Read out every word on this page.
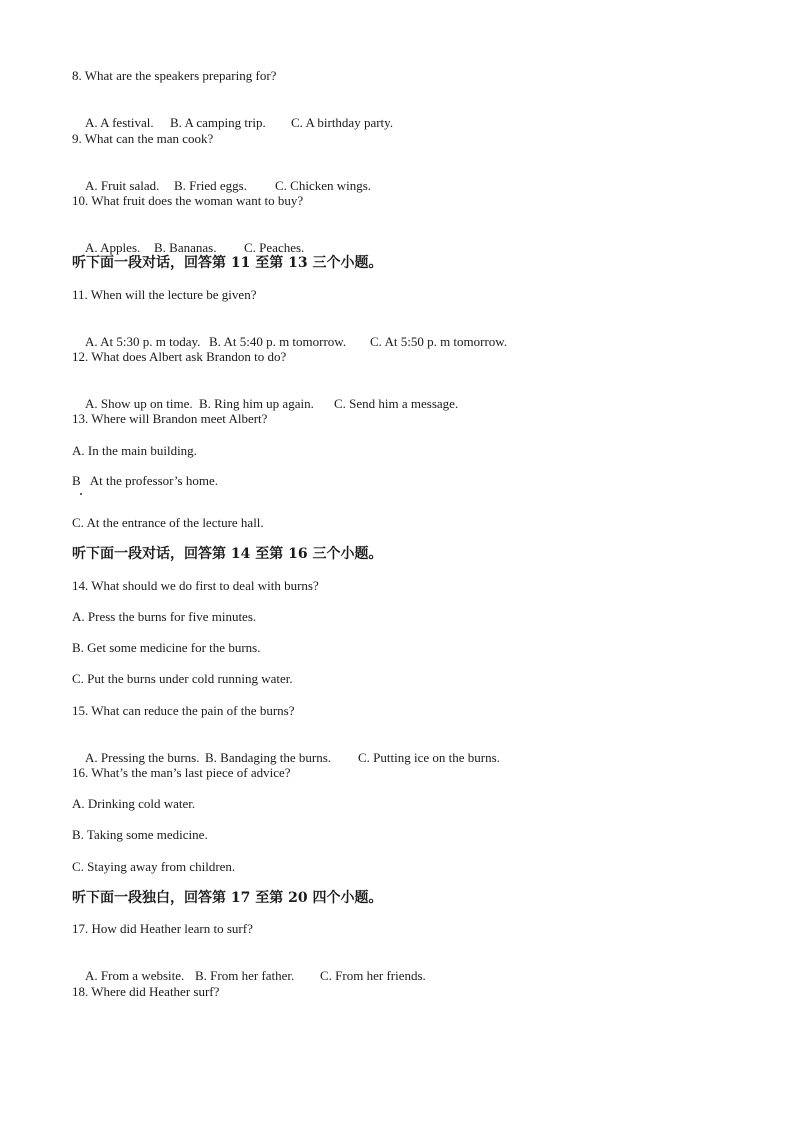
8. What are the speakers preparing for?

A. A festival. B. A camping trip. C. A birthday party.

9. What can the man cook?

A. Fruit salad. B. Fried eggs. C. Chicken wings.

10. What fruit does the woman want to buy?

A. Apples. B. Bananas. C. Peaches.

听下面一段对话，回答第 11 至第 13 三个小题。

11. When will the lecture be given?

A. At 5:30 p. m today. B. At 5:40 p. m tomorrow. C. At 5:50 p. m tomorrow.

12. What does Albert ask Brandon to do?

A. Show up on time. B. Ring him up again. C. Send him a message.

13. Where will Brandon meet Albert?

A. In the main building.

B   At the professor’s home.

C. At the entrance of the lecture hall.

听下面一段对话，回答第 14 至第 16 三个小题。

14. What should we do first to deal with burns?

A. Press the burns for five minutes.

B. Get some medicine for the burns.

C. Put the burns under cold running water.

15. What can reduce the pain of the burns?

A. Pressing the burns. B. Bandaging the burns. C. Putting ice on the burns.

16. What’s the man’s last piece of advice?

A. Drinking cold water.

B. Taking some medicine.

C. Staying away from children.

听下面一段独白，回答第 17 至第 20 四个小题。

17. How did Heather learn to surf?

A. From a website. B. From her father. C. From her friends.

18. Where did Heather surf?
